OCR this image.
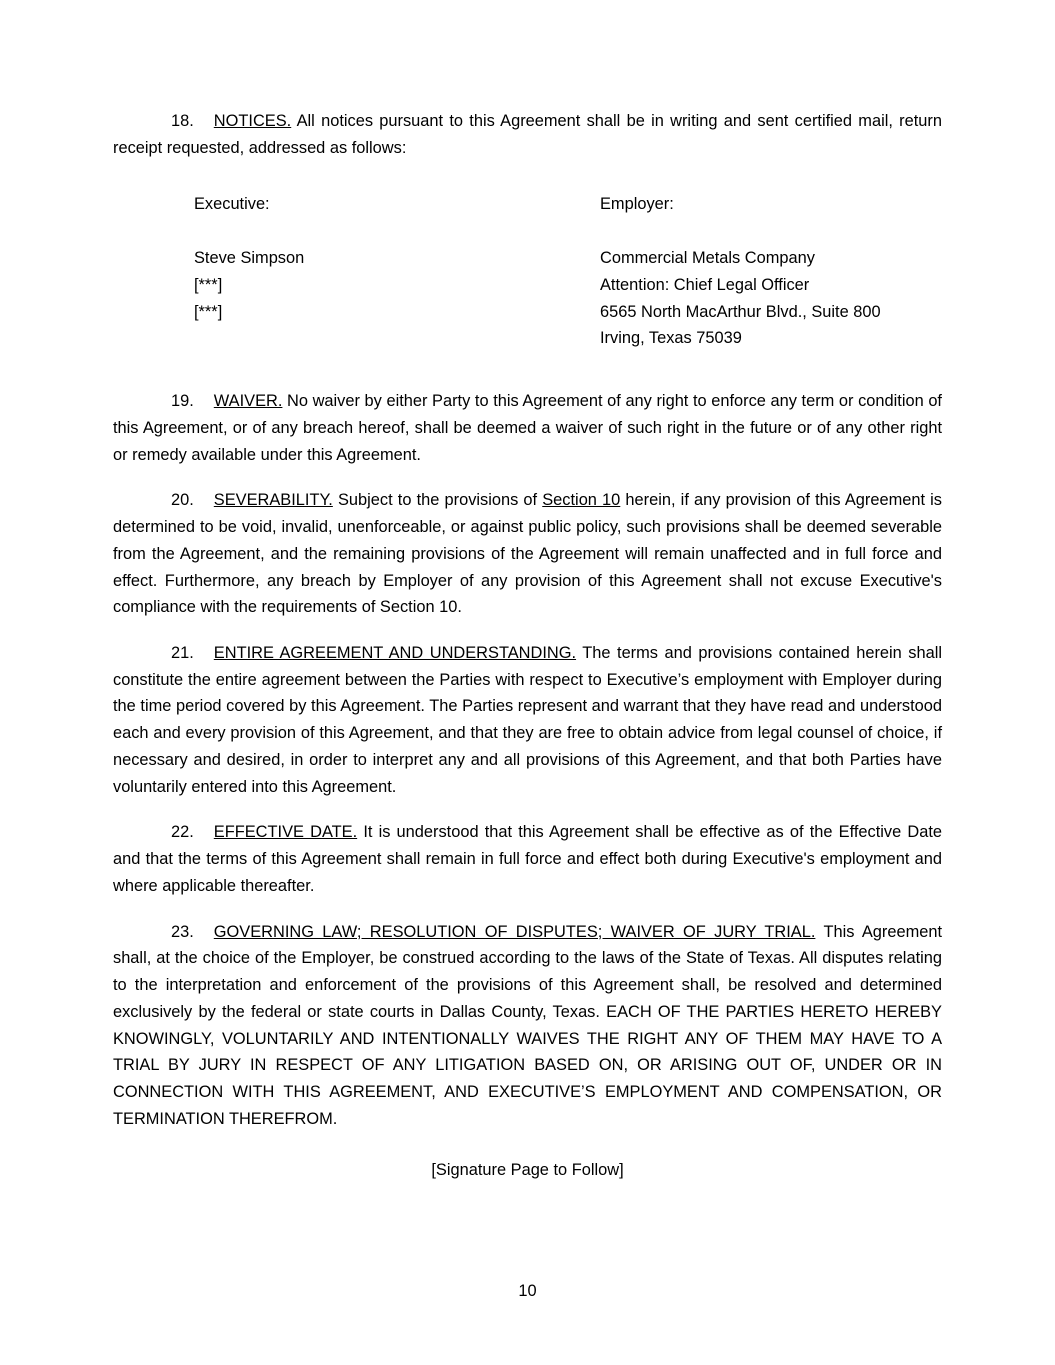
18. NOTICES. All notices pursuant to this Agreement shall be in writing and sent certified mail, return receipt requested, addressed as follows:

Executive:	Employer:
Steve Simpson
[***]
[***]
Commercial Metals Company
Attention: Chief Legal Officer
6565 North MacArthur Blvd., Suite 800
Irving, Texas 75039

19. WAIVER. No waiver by either Party to this Agreement of any right to enforce any term or condition of this Agreement, or of any breach hereof, shall be deemed a waiver of such right in the future or of any other right or remedy available under this Agreement.

20. SEVERABILITY. Subject to the provisions of Section 10 herein, if any provision of this Agreement is determined to be void, invalid, unenforceable, or against public policy, such provisions shall be deemed severable from the Agreement, and the remaining provisions of the Agreement will remain unaffected and in full force and effect. Furthermore, any breach by Employer of any provision of this Agreement shall not excuse Executive's compliance with the requirements of Section 10.

21. ENTIRE AGREEMENT AND UNDERSTANDING. The terms and provisions contained herein shall constitute the entire agreement between the Parties with respect to Executive’s employment with Employer during the time period covered by this Agreement. The Parties represent and warrant that they have read and understood each and every provision of this Agreement, and that they are free to obtain advice from legal counsel of choice, if necessary and desired, in order to interpret any and all provisions of this Agreement, and that both Parties have voluntarily entered into this Agreement.

22. EFFECTIVE DATE. It is understood that this Agreement shall be effective as of the Effective Date and that the terms of this Agreement shall remain in full force and effect both during Executive's employment and where applicable thereafter.

23. GOVERNING LAW; RESOLUTION OF DISPUTES; WAIVER OF JURY TRIAL. This Agreement shall, at the choice of the Employer, be construed according to the laws of the State of Texas. All disputes relating to the interpretation and enforcement of the provisions of this Agreement shall, be resolved and determined exclusively by the federal or state courts in Dallas County, Texas. EACH OF THE PARTIES HERETO HEREBY KNOWINGLY, VOLUNTARILY AND INTENTIONALLY WAIVES THE RIGHT ANY OF THEM MAY HAVE TO A TRIAL BY JURY IN RESPECT OF ANY LITIGATION BASED ON, OR ARISING OUT OF, UNDER OR IN CONNECTION WITH THIS AGREEMENT, AND EXECUTIVE’S EMPLOYMENT AND COMPENSATION, OR TERMINATION THEREFROM.

[Signature Page to Follow]
10
